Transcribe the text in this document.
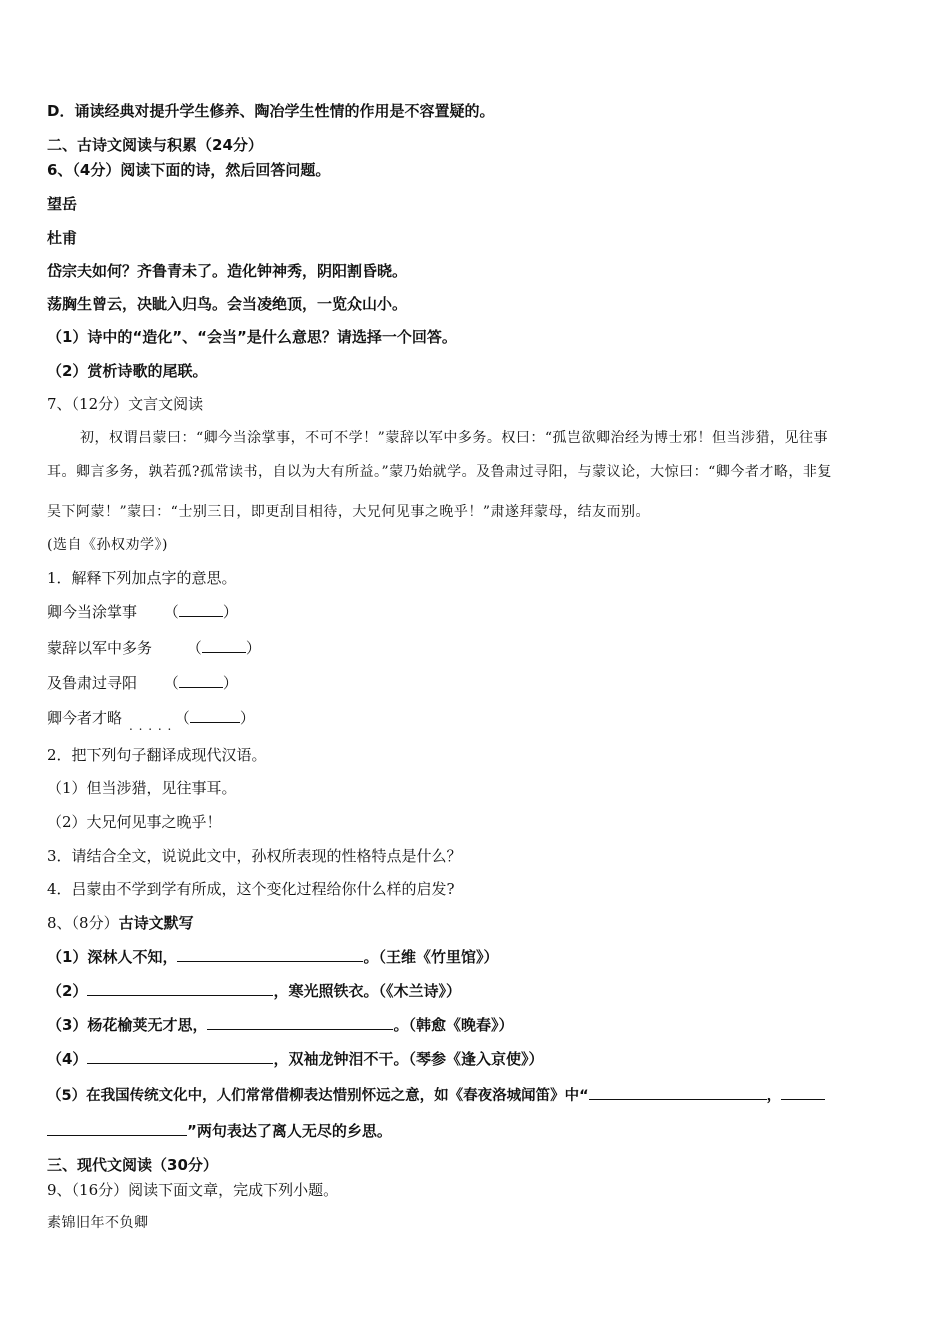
D．诵读经典对提升学生修养、陶冶学生性情的作用是不容置疑的。
二、古诗文阅读与积累（24分）
6、（4分）阅读下面的诗，然后回答问题。
望岳
杜甫
岱宗夫如何？齐鲁青未了。造化钟神秀，阴阳割昏晓。
荡胸生曾云，决眦入归鸟。会当凌绝顶，一览众山小。
（1）诗中的“造化”、“会当”是什么意思？请选择一个回答。
（2）赏析诗歌的尾联。
7、（12分）文言文阅读
初，权谓吕蒙曰：“卿今当涂掌事，不可不学！”蒙辞以军中多务。权曰：“孤岂欲卿治经为博士邪！但当涉猎，见往事
耳。卿言多务，孰若孤?孤常读书，自以为大有所益。”蒙乃始就学。及鲁肃过寻阳，与蒙议论，大惊曰：“卿今者才略，非复
吴下阿蒙！”蒙曰：“士别三日，即更刮目相待，大兄何见事之晚乎！”肃遂拜蒙母，结友而别。
(选自《孙权劝学》)
1．解释下列加点字的意思。
卿今当涂掌事 （	）
蒙辞以军中多务 （	）
及鲁肃过寻阳 （	）
卿今者才略 . . . . . （	）
2．把下列句子翻译成现代汉语。
（1）但当涉猎，见往事耳。
（2）大兄何见事之晚乎！
3．请结合全文，说说此文中，孙权所表现的性格特点是什么？
4．吕蒙由不学到学有所成，这个变化过程给你什么样的启发?
8、（8分）古诗文默写
（1）深林人不知，	。（王维《竹里馆》）
（2）	，寒光照铁衣。（《木兰诗》）
（3）杨花榆荚无才思，	。（韩愈《晚春》）
（4）	，双袖龙钟泪不干。（琴参《逢入京使》）
（5）在我国传统文化中，人们常常借柳表达惜别怀远之意，如《春夜洛城闻笛》中“	，
”两句表达了离人无尽的乡思。
三、现代文阅读（30分）
9、（16分）阅读下面文章，完成下列小题。
素锦旧年不负卿
